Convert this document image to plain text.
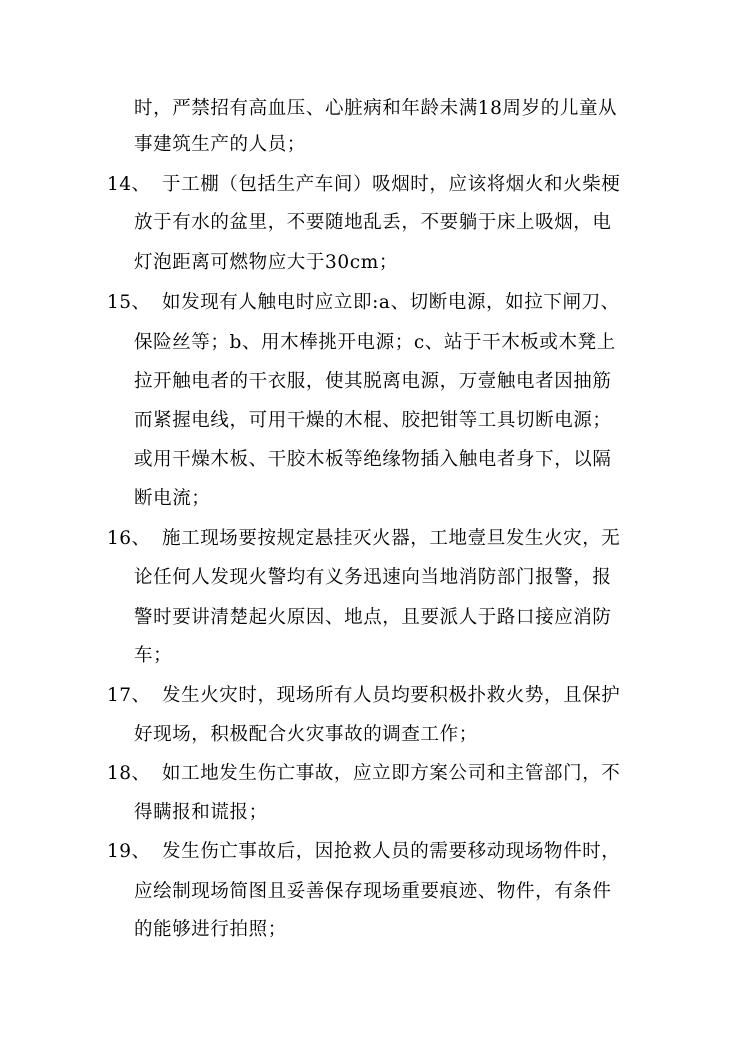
时，严禁招有高血压、心脏病和年龄未满18周岁的儿童从
事建筑生产的人员；
14、 于工棚（包括生产车间）吸烟时，应该将烟火和火柴梗
放于有水的盆里，不要随地乱丢，不要躺于床上吸烟，电
灯泡距离可燃物应大于30cm；
15、 如发现有人触电时应立即:a、切断电源，如拉下闸刀、
保险丝等；b、用木棒挑开电源；c、站于干木板或木凳上
拉开触电者的干衣服，使其脱离电源，万壹触电者因抽筋
而紧握电线，可用干燥的木棍、胶把钳等工具切断电源；
或用干燥木板、干胶木板等绝缘物插入触电者身下，以隔
断电流；
16、 施工现场要按规定悬挂灭火器，工地壹旦发生火灾，无
论任何人发现火警均有义务迅速向当地消防部门报警，报
警时要讲清楚起火原因、地点，且要派人于路口接应消防
车；
17、 发生火灾时，现场所有人员均要积极扑救火势，且保护
好现场，积极配合火灾事故的调查工作；
18、 如工地发生伤亡事故，应立即方案公司和主管部门，不
得瞒报和谎报；
19、 发生伤亡事故后，因抢救人员的需要移动现场物件时，
应绘制现场简图且妥善保存现场重要痕迹、物件，有条件
的能够进行拍照；
